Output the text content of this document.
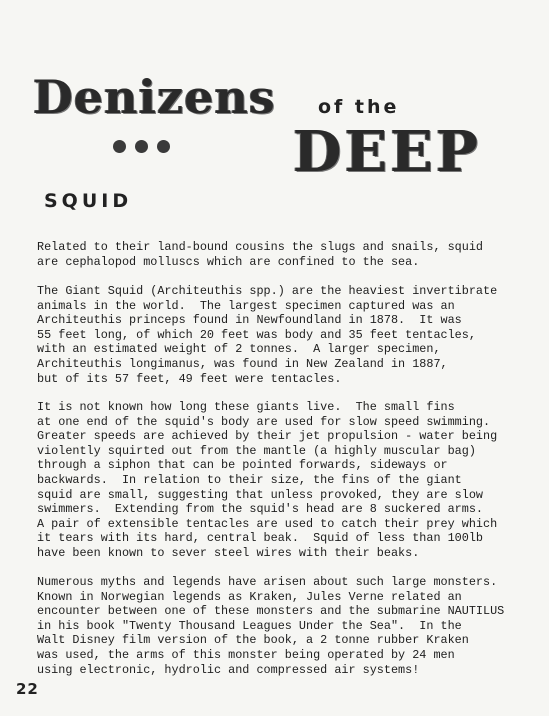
Denizens of the
DEEP
SQUID
Related to their land-bound cousins the slugs and snails, squid
are cephalopod molluscs which are confined to the sea.
The Giant Squid (Architeuthis spp.) are the heaviest invertibrate
animals in the world.  The largest specimen captured was an
Architeuthis princeps found in Newfoundland in 1878.  It was
55 feet long, of which 20 feet was body and 35 feet tentacles,
with an estimated weight of 2 tonnes.  A larger specimen,
Architeuthis longimanus, was found in New Zealand in 1887,
but of its 57 feet, 49 feet were tentacles.
It is not known how long these giants live.  The small fins
at one end of the squid's body are used for slow speed swimming.
Greater speeds are achieved by their jet propulsion - water being
violently squirted out from the mantle (a highly muscular bag)
through a siphon that can be pointed forwards, sideways or
backwards.  In relation to their size, the fins of the giant
squid are small, suggesting that unless provoked, they are slow
swimmers.  Extending from the squid's head are 8 suckered arms.
A pair of extensible tentacles are used to catch their prey which
it tears with its hard, central beak.  Squid of less than 100lb
have been known to sever steel wires with their beaks.
Numerous myths and legends have arisen about such large monsters.
Known in Norwegian legends as Kraken, Jules Verne related an
encounter between one of these monsters and the submarine NAUTILUS
in his book "Twenty Thousand Leagues Under the Sea".  In the
Walt Disney film version of the book, a 2 tonne rubber Kraken
was used, the arms of this monster being operated by 24 men
using electronic, hydrolic and compressed air systems!
22
